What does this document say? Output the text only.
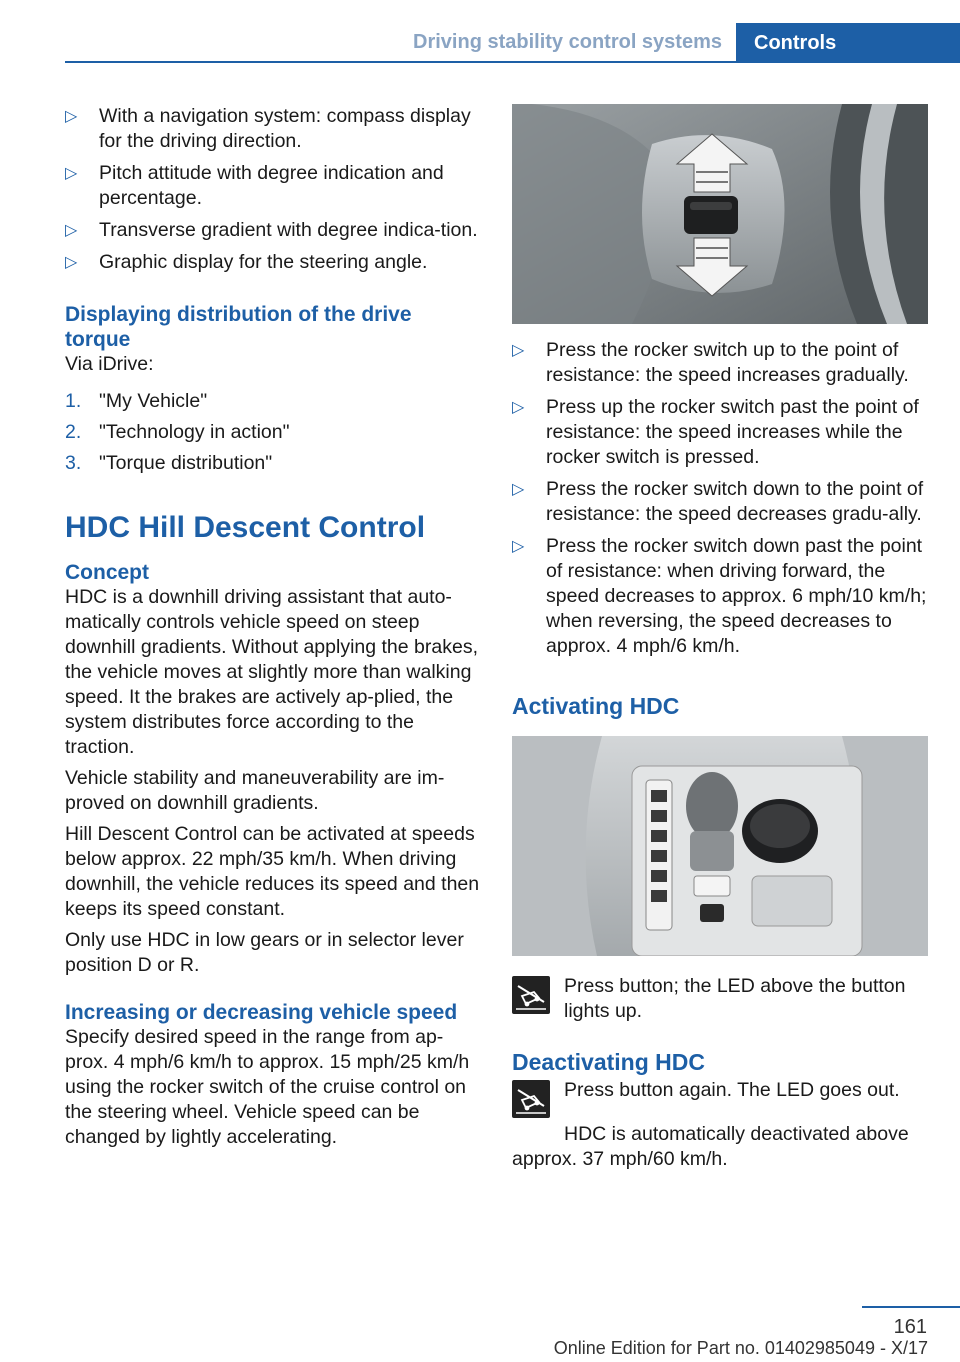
Driving stability control systems	Controls
▷ With a navigation system: compass display for the driving direction.
▷ Pitch attitude with degree indication and percentage.
▷ Transverse gradient with degree indica-tion.
▷ Graphic display for the steering angle.
Displaying distribution of the drive torque

Via iDrive:

1. "My Vehicle"
2. "Technology in action"
3. "Torque distribution"
HDC Hill Descent Control
Concept

HDC is a downhill driving assistant that auto-matically controls vehicle speed on steep downhill gradients. Without applying the brakes, the vehicle moves at slightly more than walking speed. It the brakes are actively ap-plied, the system distributes force according to the traction.

Vehicle stability and maneuverability are im-proved on downhill gradients.

Hill Descent Control can be activated at speeds below approx. 22 mph/35 km/h. When driving downhill, the vehicle reduces its speed and then keeps its speed constant.

Only use HDC in low gears or in selector lever position D or R.

Increasing or decreasing vehicle speed

Specify desired speed in the range from ap-prox. 4 mph/6 km/h to approx. 15 mph/25 km/h using the rocker switch of the cruise control on the steering wheel. Vehicle speed can be changed by lightly accelerating.

▷ Press the rocker switch up to the point of resistance: the speed increases gradually.
▷ Press up the rocker switch past the point of resistance: the speed increases while the rocker switch is pressed.
▷ Press the rocker switch down to the point of resistance: the speed decreases gradu-ally.
▷ Press the rocker switch down past the point of resistance: when driving forward, the speed decreases to approx. 6 mph/10 km/h; when reversing, the speed decreases to approx. 4 mph/6 km/h.
Activating HDC

Press button; the LED above the button lights up.

Deactivating HDC

Press button again. The LED goes out.

HDC is automatically deactivated above approx. 37 mph/60 km/h.

161
Online Edition for Part no. 01402985049 - X/17
